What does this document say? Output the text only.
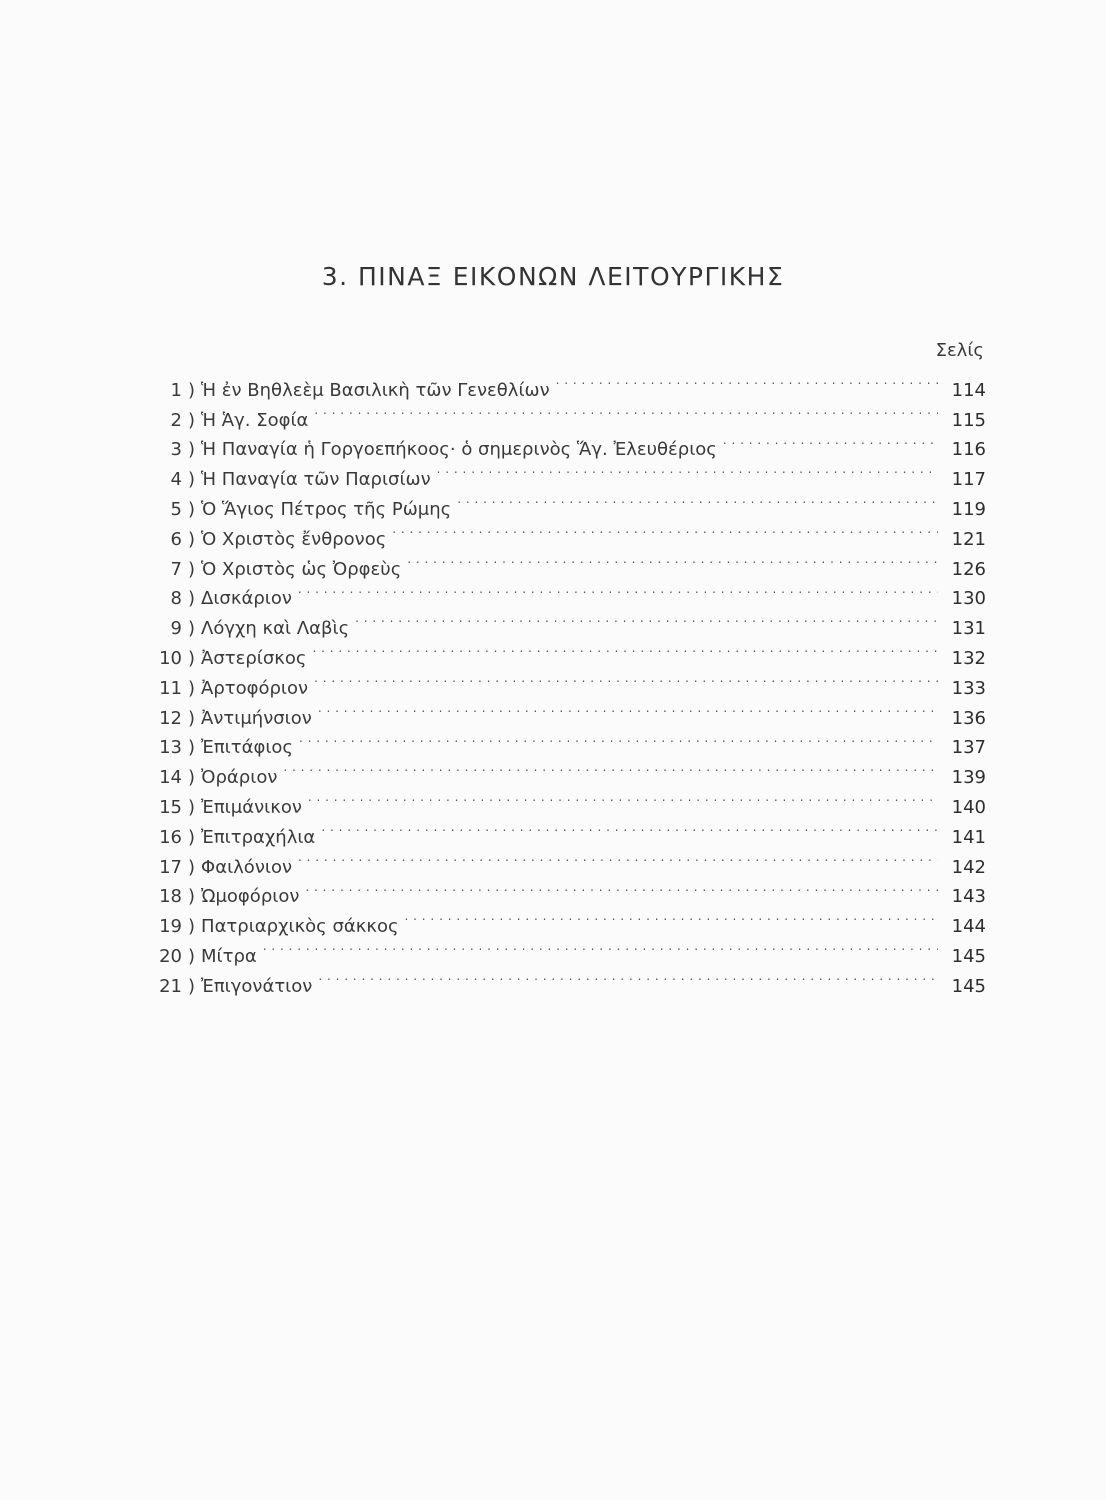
3. ΠΙΝΑΞ ΕΙΚΟΝΩΝ ΛΕΙΤΟΥΡΓΙΚΗΣ
Σελίς
1 ) Ἡ ἐν Βηθλεὲμ Βασιλικὴ τῶν Γενεθλίων . . .	114
2 ) Ἡ Ἁγ. Σοφία . . .	115
3 ) Ἡ Παναγία ἡ Γοργοεπήκοος· ὁ σημερινὸς Ἅγ. Ἐλευθέριος . . .	116
4 ) Ἡ Παναγία τῶν Παρισίων . . .	117
5 ) Ὁ Ἅγιος Πέτρος τῆς Ρώμης . . .	119
6 ) Ὁ Χριστὸς ἔνθρονος . . .	121
7 ) Ὁ Χριστὸς ὡς Ὀρφεὺς . . .	126
8 ) Δισκάριον . . .	130
9 ) Λόγχη καὶ Λαβὶς . . .	131
10 ) Ἀστερίσκος . . .	132
11 ) Ἀρτοφόριον . . .	133
12 ) Ἀντιμήνσιον . . .	136
13 ) Ἐπιτάφιος . . .	137
14 ) Ὀράριον . . .	139
15 ) Ἐπιμάνικον . . .	140
16 ) Ἐπιτραχήλια . . .	141
17 ) Φαιλόνιον . . .	142
18 ) Ὠμοφόριον . . .	143
19 ) Πατριαρχικὸς σάκκος . . .	144
20 ) Μίτρα . . .	145
21 ) Ἐπιγονάτιον . . .	145
